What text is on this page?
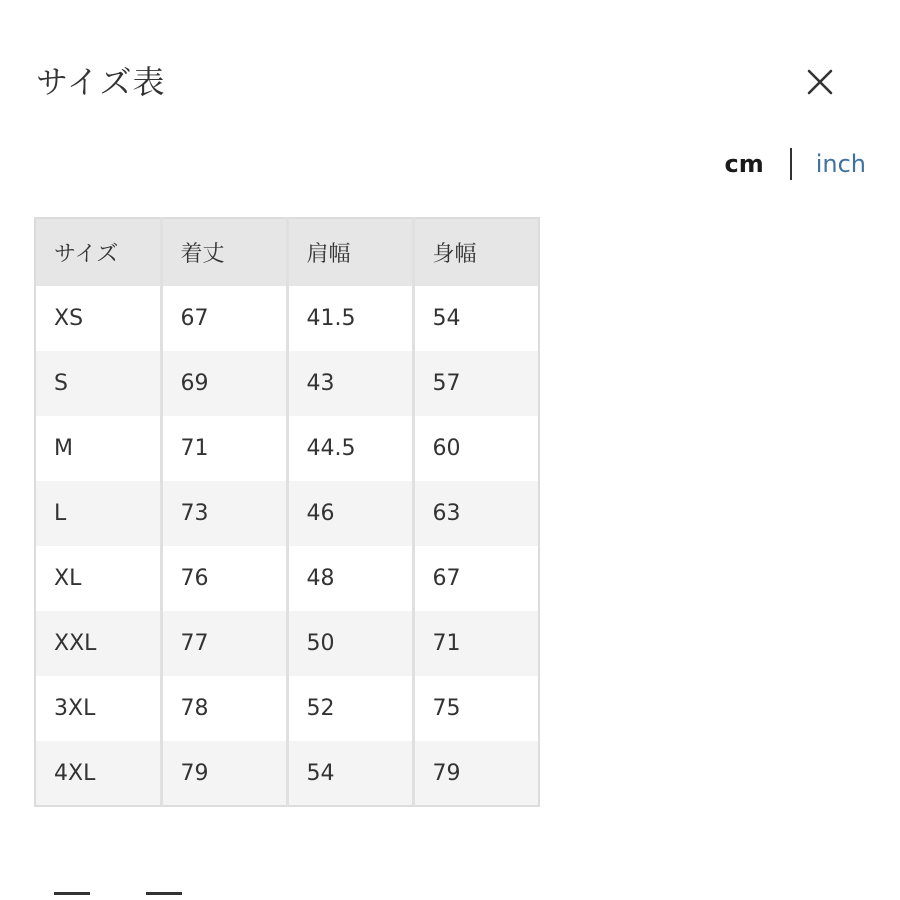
サイズ表
cm inch
サイズ	着丈	肩幅	身幅
XS	67	41.5	54
S	69	43	57
M	71	44.5	60
L	73	46	63
XL	76	48	67
XXL	77	50	71
3XL	78	52	75
4XL	79	54	79
